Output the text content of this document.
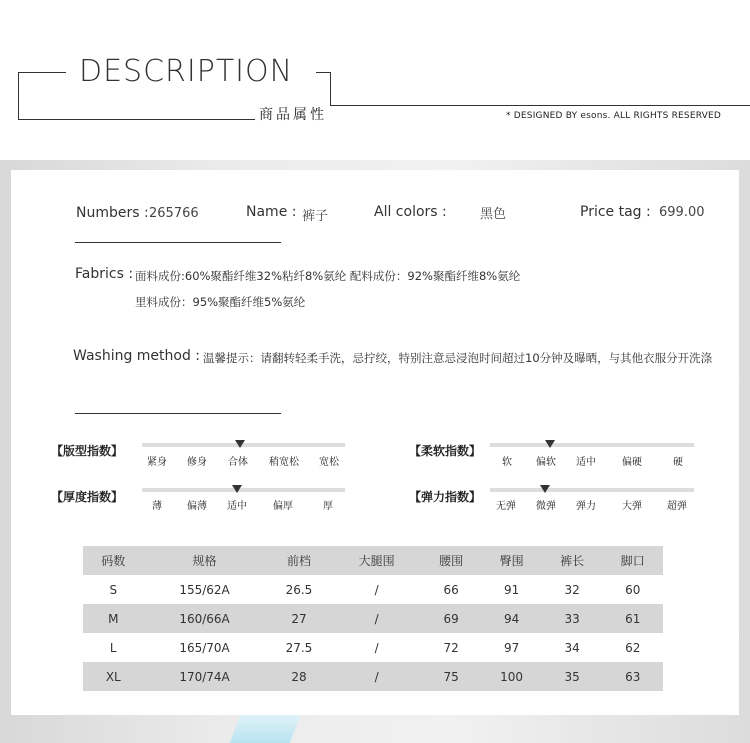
DESCRIPTION
商品属性	* DESIGNED BY esons. ALL RIGHTS RESERVED
Numbers : 265766	Name : 裤子	All colors :	黑色	Price tag : 699.00
Fabrics : 面料成份:60%聚酯纤维32%粘纤8%氨纶 配料成份：92%聚酯纤维8%氨纶
里料成份：95%聚酯纤维5%氨纶
Washing method : 温馨提示：请翻转轻柔手洗，忌拧绞，特别注意忌浸泡时间超过10分钟及曝晒，与其他衣服分开洗涤
【版型指数】
紧身 修身 合体 稍宽松 宽松
【柔软指数】
软 偏软 适中	偏硬	硬
【厚度指数】
薄	偏薄 适中	偏厚	厚
【弹力指数】
无弹 微弹 弹力	大弹	超弹
码数	规格	前档	大腿围	腰围	臀围	裤长	脚口
S	155/62A	26.5	/	66	91	32	60
M	160/66A	27	/	69	94	33	61
L	165/70A	27.5	/	72	97	34	62
XL	170/74A	28	/	75	100	35	63
